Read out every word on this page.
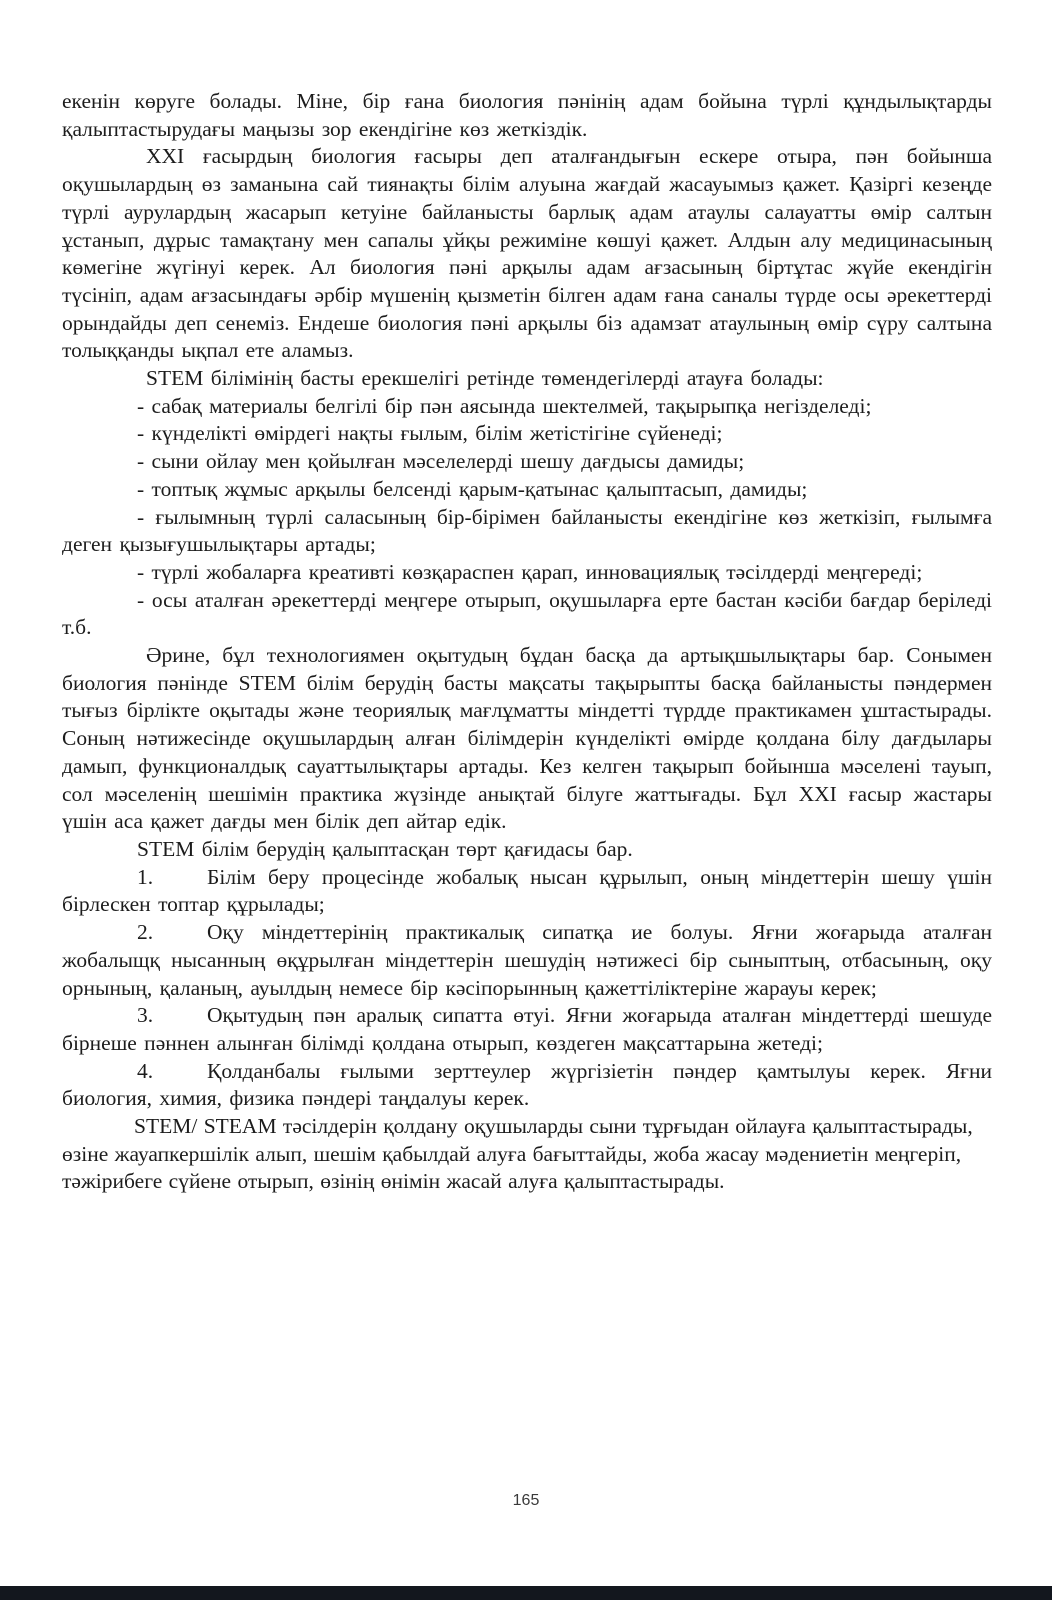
екенін көруге болады. Міне, бір ғана биология пәнінің адам бойына түрлі құндылықтарды қалыптастырудағы маңызы зор екендігіне көз жеткіздік.

ХХІ ғасырдың биология ғасыры деп аталғандығын ескере отыра, пән бойынша оқушылардың өз заманына сай тиянақты білім алуына жағдай жасауымыз қажет. Қазіргі кезеңде түрлі аурулардың жасарып кетуіне байланысты барлық адам атаулы салауатты өмір салтын ұстанып, дұрыс тамақтану мен сапалы ұйқы режиміне көшуі қажет. Алдын алу медицинасының көмегіне жүгінуі керек. Ал биология пәні арқылы адам ағзасының біртұтас жүйе екендігін түсініп, адам ағзасындағы әрбір мүшенің қызметін білген адам ғана саналы түрде осы әрекеттерді орындайды деп сенеміз. Ендеше биология пәні арқылы біз адамзат атаулының өмір сүру салтына толыққанды ықпал ете аламыз.

STEM білімінің басты ерекшелігі ретінде төмендегілерді атауға болады:

- сабақ материалы белгілі бір пән аясында шектелмей, тақырыпқа негізделеді;

- күнделікті өмірдегі нақты ғылым, білім жетістігіне сүйенеді;

- сыни ойлау мен қойылған мәселелерді шешу дағдысы дамиды;

- топтық жұмыс арқылы белсенді қарым-қатынас қалыптасып, дамиды;

- ғылымның түрлі саласының бір-бірімен байланысты екендігіне көз жеткізіп, ғылымға деген қызығушылықтары артады;

- түрлі жобаларға креативті көзқараспен қарап, инновациялық тәсілдерді меңгереді;

- осы аталған әрекеттерді меңгере отырып, оқушыларға ерте бастан кәсіби бағдар беріледі т.б.

Әрине, бұл технологиямен оқытудың бұдан басқа да артықшылықтары бар. Сонымен биология пәнінде STEM білім берудің басты мақсаты тақырыпты басқа байланысты пәндермен тығыз бірлікте оқытады және теориялық мағлұматты міндетті түрдде практикамен ұштастырады. Соның нәтижесінде оқушылардың алған білімдерін күнделікті өмірде қолдана білу дағдылары дамып, функционалдық сауаттылықтары артады. Кез келген тақырып бойынша мәселені тауып, сол мәселенің шешімін практика жүзінде анықтай білуге жаттығады. Бұл ХХІ ғасыр жастары үшін аса қажет дағды мен білік деп айтар едік.

STEM білім берудің қалыптасқан төрт қағидасы бар.

1.	Білім беру процесінде жобалық нысан құрылып, оның міндеттерін шешу үшін бірлескен топтар құрылады;

2.	Оқу міндеттерінің практикалық сипатқа ие болуы. Яғни жоғарыда аталған жобалыщқ нысанның өқұрылған міндеттерін шешудің нәтижесі бір сыныптың, отбасының, оқу орнының, қаланың, ауылдың немесе бір кәсіпорынның қажеттіліктеріне жарауы керек;

3.	Оқытудың пән аралық сипатта өтуі. Яғни жоғарыда аталған міндеттерді шешуде бірнеше пәннен алынған білімді қолдана отырып, көздеген мақсаттарына жетеді;

4.	Қолданбалы ғылыми зерттеулер жүргізіетін пәндер қамтылуы керек. Яғни биология, химия, физика пәндері таңдалуы керек.

STEM/ STEAM тәсілдерін қолдану оқушыларды сыни тұрғыдан ойлауға қалыптастырады, өзіне жауапкершілік алып, шешім қабылдай алуға бағыттайды, жоба жасау мәдениетін меңгеріп, тәжірибеге сүйене отырып, өзінің өнімін жасай алуға қалыптастырады.

165
